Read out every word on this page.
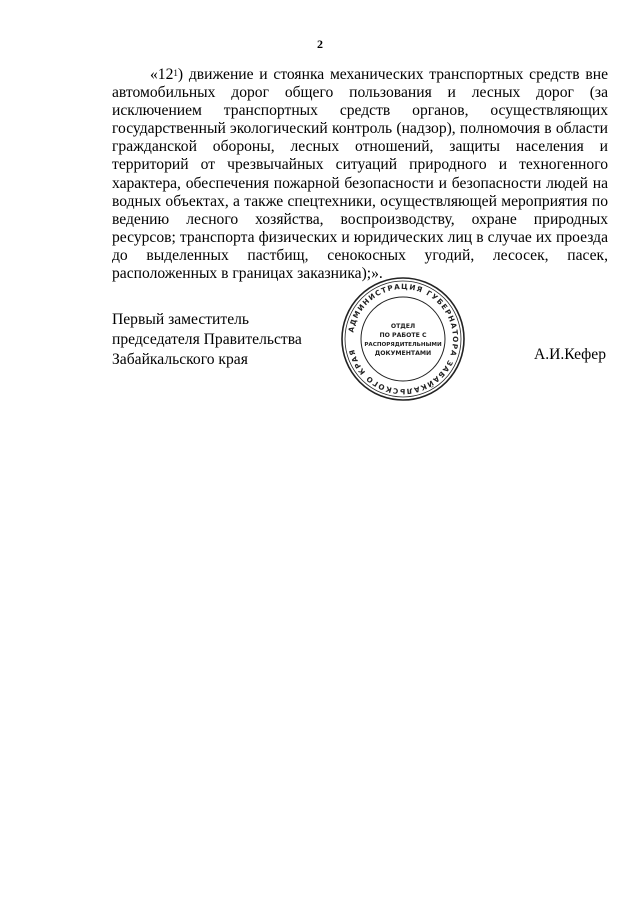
2

«$12^1$) движение и стоянка механических транспортных средств вне автомобильных дорог общего пользования и лесных дорог (за исключением транспортных средств органов, осуществляющих государственный экологический контроль (надзор), полномочия в области гражданской обороны, лесных отношений, защиты населения и территорий от чрезвычайных ситуаций природного и техногенного характера, обеспечения пожарной безопасности и безопасности людей на водных объектах, а также спецтехники, осуществляющей мероприятия по ведению лесного хозяйства, воспроизводству, охране природных ресурсов; транспорта физических и юридических лиц в случае их проезда до выделенных пастбищ, сенокосных угодий, лесосек, пасек, расположенных в границах заказника);».

Первый заместитель
председателя Правительства
Забайкальского края
АДМИНИСТРАЦИЯ ГУБЕРНАТОРА ЗАБАЙКАЛЬСКОГО КРАЯ
ОТДЕЛ
ПО РАБОТЕ С
РАСПОРЯДИТЕЛЬНЫМИ
ДОКУМЕНТАМИ	А.И.Кефер
